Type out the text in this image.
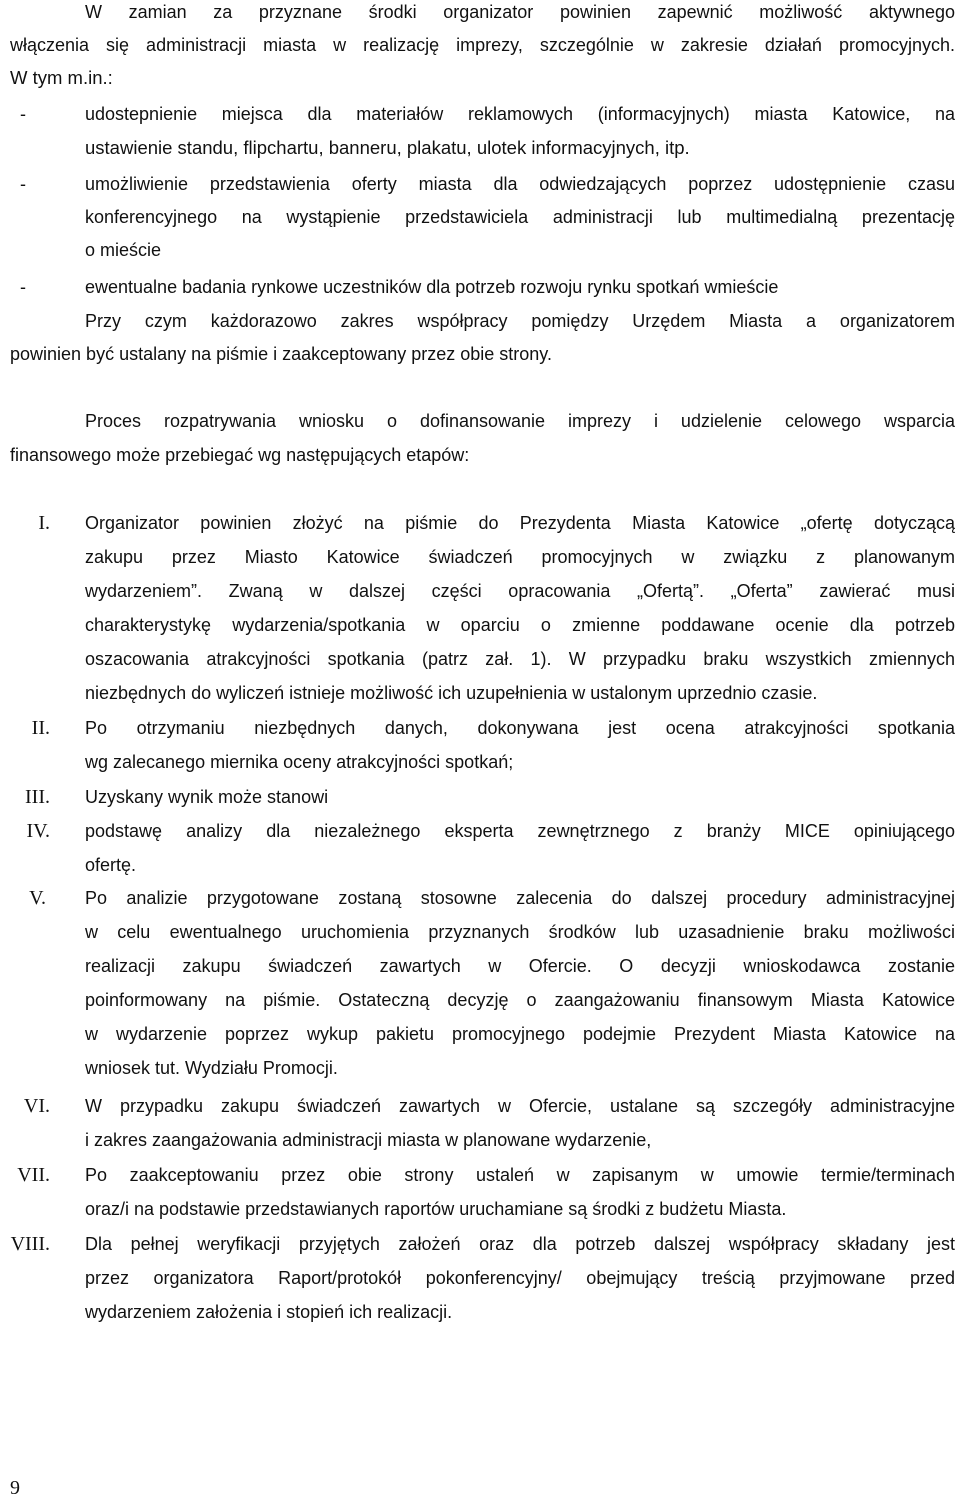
W zamian za przyznane środki organizator powinien zapewnić możliwość aktywnego
włączenia się administracji miasta w realizację imprezy, szczególnie w zakresie działań promocyjnych.
W tym m.in.:
-	udostepnienie miejsca dla materiałów reklamowych (informacyjnych) miasta Katowice, na
ustawienie standu, flipchartu, banneru, plakatu, ulotek informacyjnych, itp.
-	umożliwienie przedstawienia oferty miasta dla odwiedzających poprzez udostępnienie czasu
konferencyjnego na wystąpienie przedstawiciela administracji lub multimedialną prezentację
o mieście
-	ewentualne badania rynkowe uczestników dla potrzeb rozwoju rynku spotkań wmieście
Przy czym każdorazowo zakres współpracy pomiędzy Urzędem Miasta a organizatorem
powinien być ustalany na piśmie i zaakceptowany przez obie strony.
Proces rozpatrywania wniosku o dofinansowanie imprezy i udzielenie celowego wsparcia
finansowego może przebiegać wg następujących etapów:
I. Organizator powinien złożyć na piśmie do Prezydenta Miasta Katowice „ofertę dotyczącą
zakupu przez Miasto Katowice świadczeń promocyjnych w związku z planowanym
wydarzeniem”. Zwaną w dalszej części opracowania „Ofertą”. „Oferta” zawierać musi
charakterystykę wydarzenia/spotkania w oparciu o zmienne poddawane ocenie dla potrzeb
oszacowania atrakcyjności spotkania (patrz zał. 1). W przypadku braku wszystkich zmiennych
niezbędnych do wyliczeń istnieje możliwość ich uzupełnienia w ustalonym uprzednio czasie.
II. Po otrzymaniu niezbędnych danych, dokonywana jest ocena atrakcyjności spotkania
wg zalecanego miernika oceny atrakcyjności spotkań;
III. Uzyskany wynik może stanowi
IV. podstawę analizy dla niezależnego eksperta zewnętrznego z branży MICE opiniującego
ofertę.
V. Po analizie przygotowane zostaną stosowne zalecenia do dalszej procedury administracyjnej
w celu ewentualnego uruchomienia przyznanych środków lub uzasadnienie braku możliwości
realizacji zakupu świadczeń zawartych w Ofercie. O decyzji wnioskodawca zostanie
poinformowany na piśmie. Ostateczną decyzję o zaangażowaniu finansowym Miasta Katowice
w wydarzenie poprzez wykup pakietu promocyjnego podejmie Prezydent Miasta Katowice na
wniosek tut. Wydziału Promocji.
VI. W przypadku zakupu świadczeń zawartych w Ofercie, ustalane są szczegóły administracyjne
i zakres zaangażowania administracji miasta w planowane wydarzenie,
VII. Po zaakceptowaniu przez obie strony ustaleń w zapisanym w umowie termie/terminach
oraz/i na podstawie przedstawianych raportów uruchamiane są środki z budżetu Miasta.
VIII. Dla pełnej weryfikacji przyjętych założeń oraz dla potrzeb dalszej współpracy składany jest
przez organizatora Raport/protokół pokonferencyjny/ obejmujący treścią przyjmowane przed
wydarzeniem założenia i stopień ich realizacji.
9
